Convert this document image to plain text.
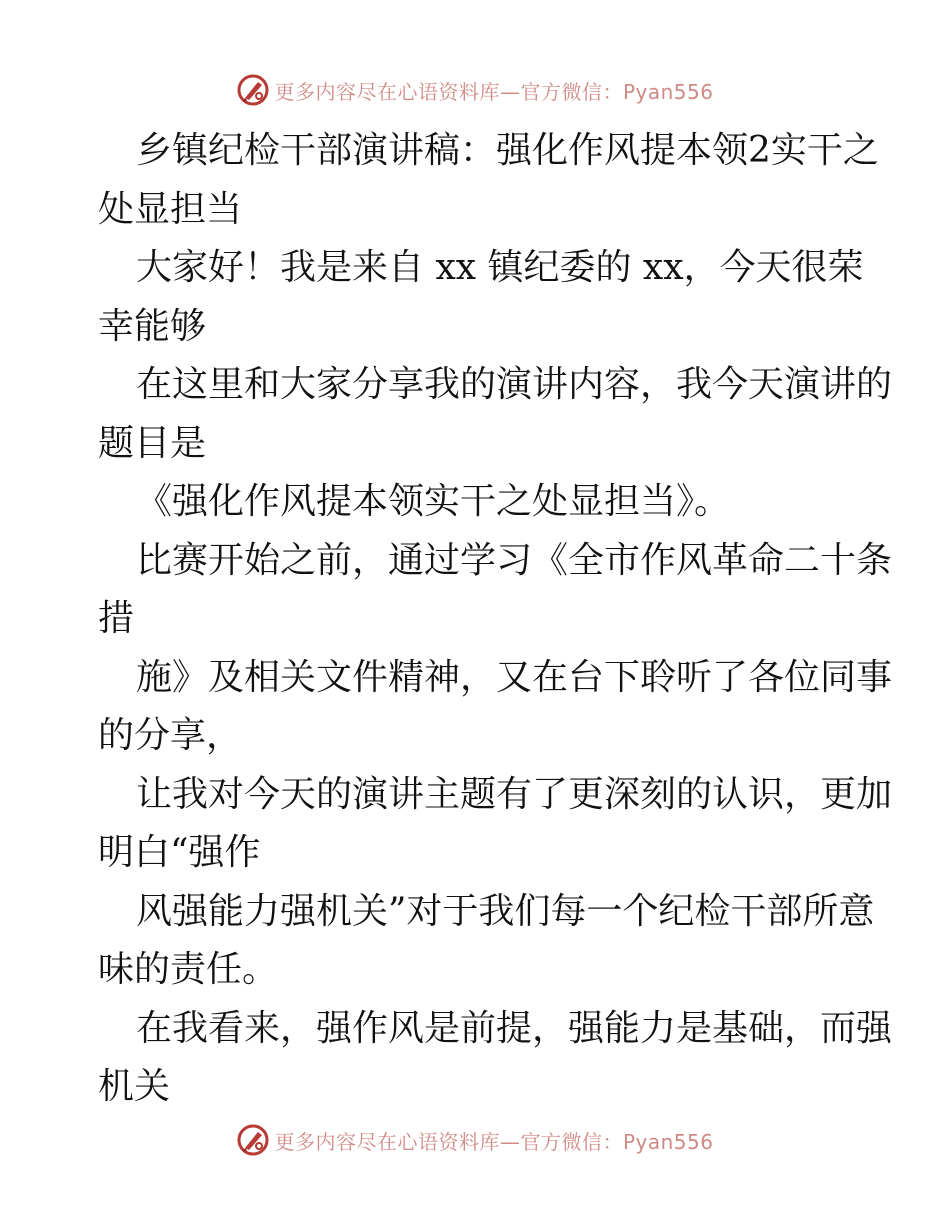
更多内容尽在心语资料库—官方微信：Pyan556
乡镇纪检干部演讲稿：强化作风提本领2实干之
处显担当
大家好！我是来自 xx 镇纪委的 xx，今天很荣
幸能够
在这里和大家分享我的演讲内容，我今天演讲的
题目是
《强化作风提本领实干之处显担当》。
比赛开始之前，通过学习《全市作风革命二十条
措
施》及相关文件精神，又在台下聆听了各位同事
的分享，
让我对今天的演讲主题有了更深刻的认识，更加
明白“强作
风强能力强机关”对于我们每一个纪检干部所意
味的责任。
在我看来，强作风是前提，强能力是基础，而强
机关
更多内容尽在心语资料库—官方微信：Pyan556
